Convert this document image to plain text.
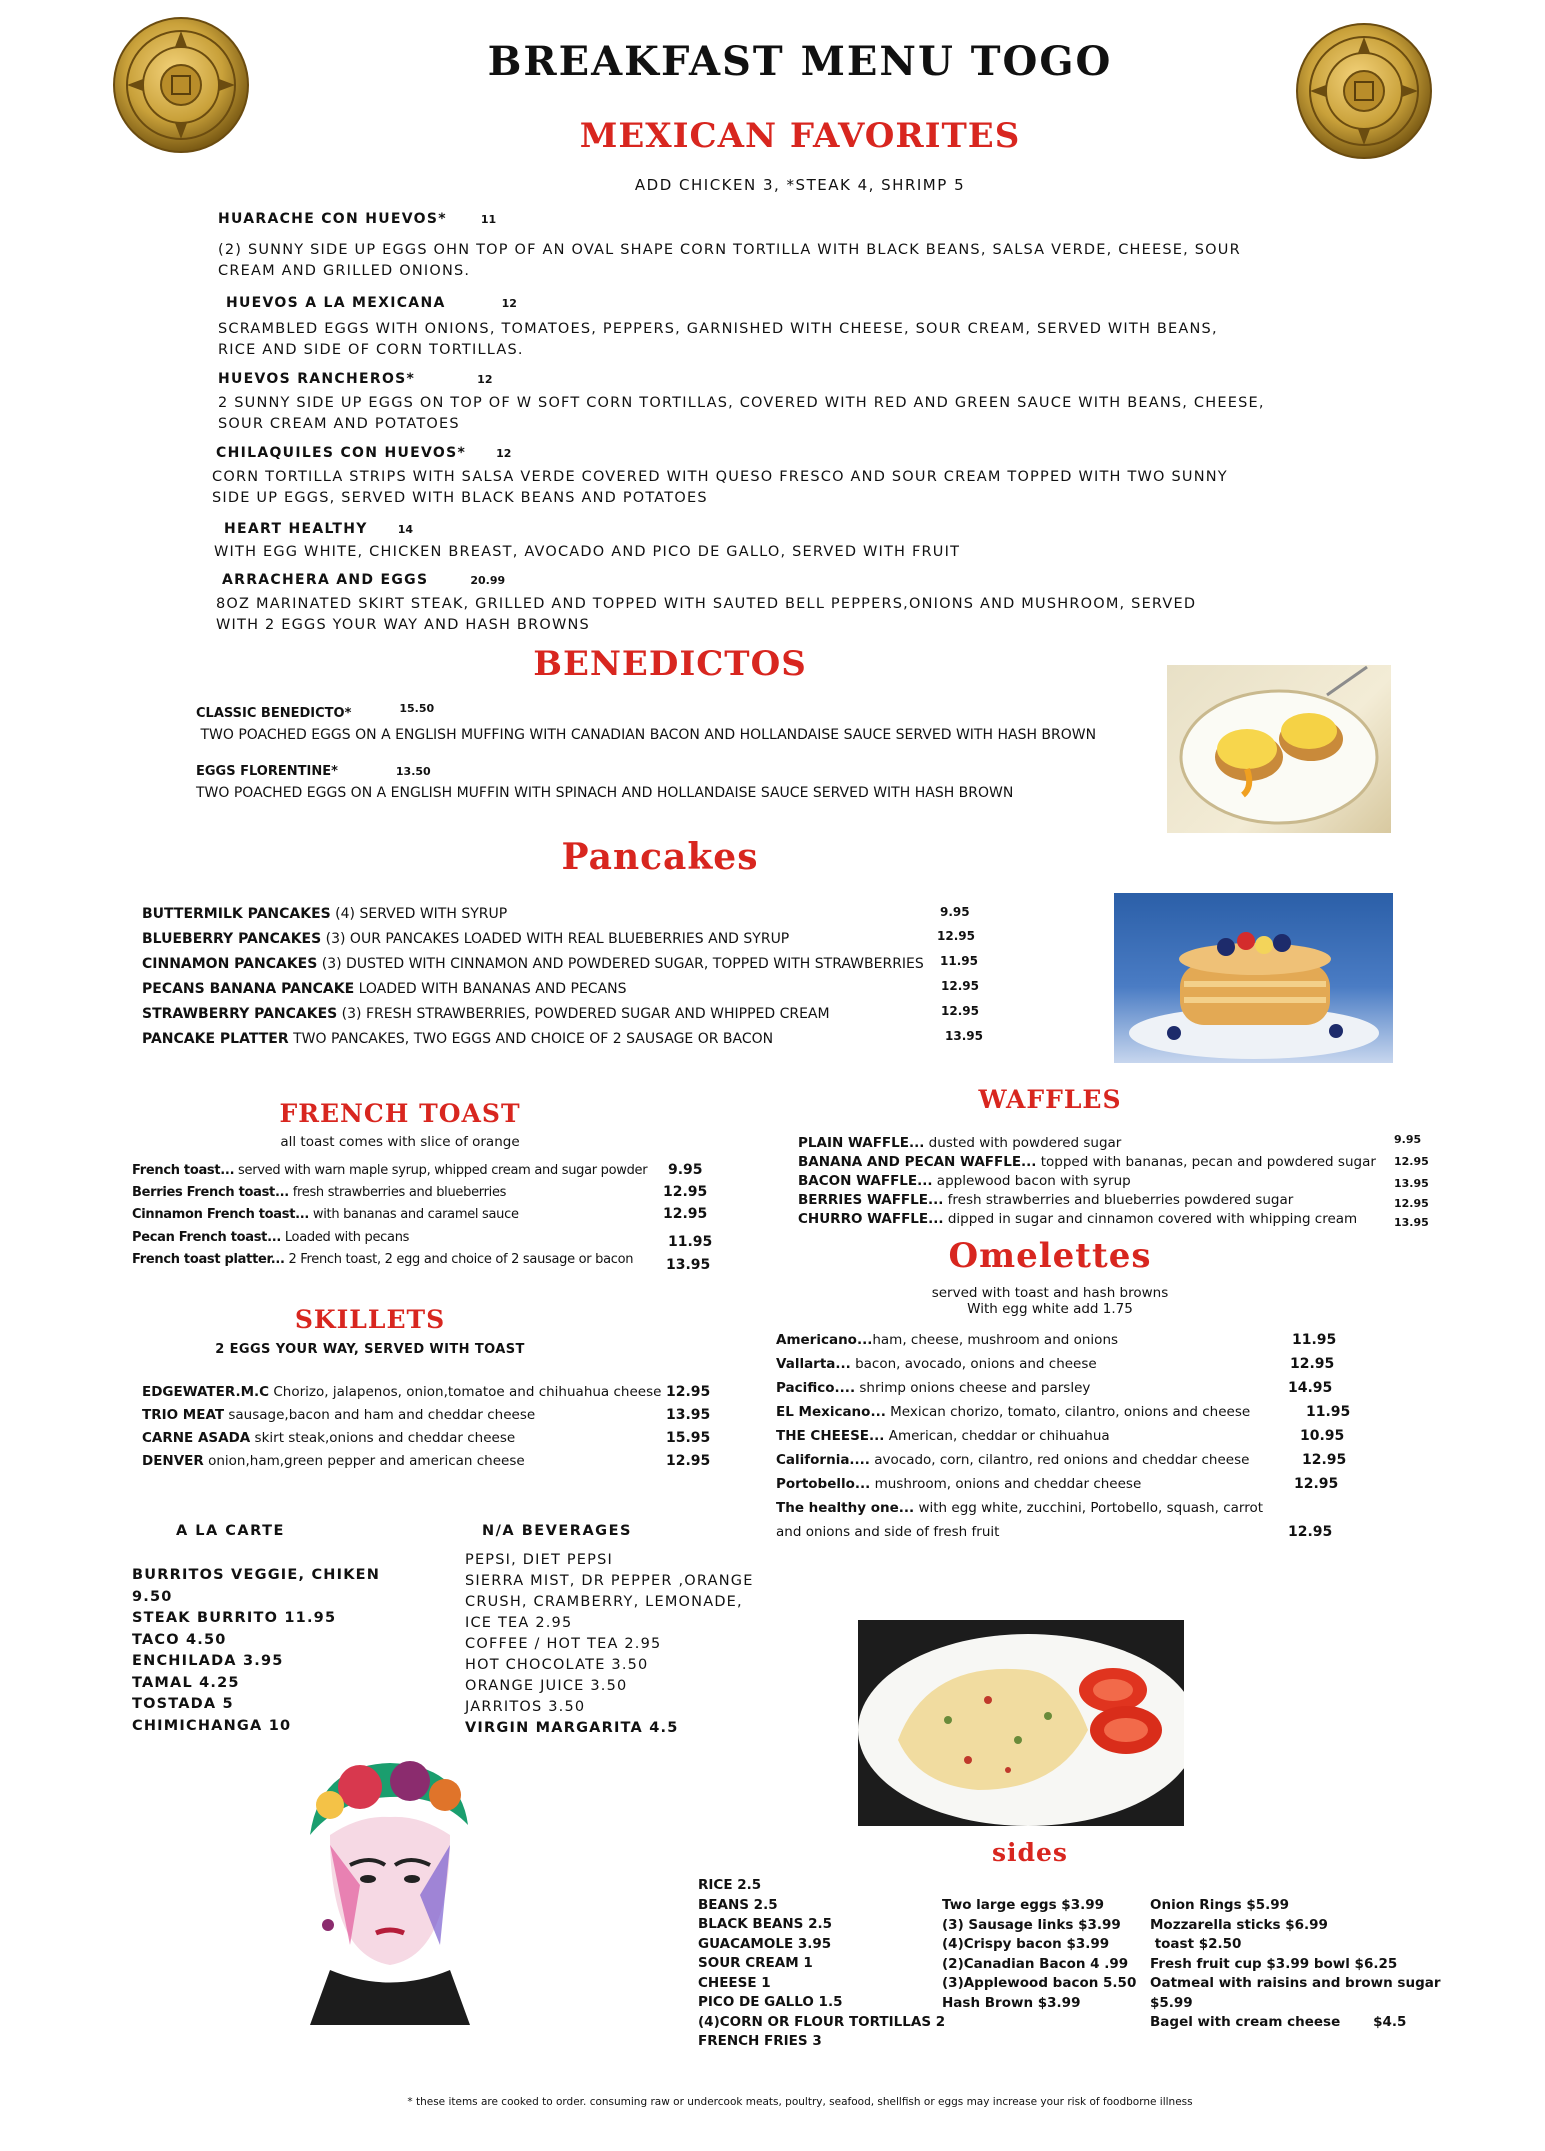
BREAKFAST MENU TOGO
MEXICAN FAVORITES
ADD CHICKEN 3, *STEAK 4, SHRIMP 5
HUARACHE CON HUEVOS*	11
(2) SUNNY SIDE UP EGGS OHN TOP OF AN OVAL SHAPE CORN TORTILLA WITH BLACK BEANS, SALSA VERDE, CHEESE, SOUR CREAM AND GRILLED ONIONS.
HUEVOS A LA MEXICANA	12
SCRAMBLED EGGS WITH ONIONS, TOMATOES, PEPPERS, GARNISHED WITH CHEESE, SOUR CREAM, SERVED WITH BEANS, RICE AND SIDE OF CORN TORTILLAS.
HUEVOS RANCHEROS*	12
2 SUNNY SIDE UP EGGS ON TOP OF W SOFT CORN TORTILLAS, COVERED WITH RED AND GREEN SAUCE WITH BEANS, CHEESE, SOUR CREAM AND POTATOES
CHILAQUILES CON HUEVOS*	12
CORN TORTILLA STRIPS WITH SALSA VERDE COVERED WITH QUESO FRESCO AND SOUR CREAM TOPPED WITH TWO SUNNY SIDE UP EGGS, SERVED WITH BLACK BEANS AND POTATOES
HEART HEALTHY	14
WITH EGG WHITE, CHICKEN BREAST, AVOCADO AND PICO DE GALLO, SERVED WITH FRUIT
ARRACHERA AND EGGS	20.99
8OZ MARINATED SKIRT STEAK, GRILLED AND TOPPED WITH SAUTED BELL PEPPERS,ONIONS AND MUSHROOM, SERVED WITH 2 EGGS YOUR WAY AND HASH BROWNS
BENEDICTOS
CLASSIC BENEDICTO*	$^{15.50}$
TWO POACHED EGGS ON A ENGLISH MUFFING WITH CANADIAN BACON AND HOLLANDAISE SAUCE SERVED WITH HASH BROWN
EGGS FLORENTINE*	13.50
TWO POACHED EGGS ON A ENGLISH MUFFIN WITH SPINACH AND HOLLANDAISE SAUCE SERVED WITH HASH BROWN
Pancakes
BUTTERMILK PANCAKES (4) SERVED WITH SYRUP	9.95
BLUEBERRY PANCAKES (3) OUR PANCAKES LOADED WITH REAL BLUEBERRIES AND SYRUP	12.95
CINNAMON PANCAKES (3) DUSTED WITH CINNAMON AND POWDERED SUGAR, TOPPED WITH STRAWBERRIES 11.95
PECANS BANANA PANCAKE LOADED WITH BANANAS AND PECANS	12.95
STRAWBERRY PANCAKES (3) FRESH STRAWBERRIES, POWDERED SUGAR AND WHIPPED CREAM	12.95
PANCAKE PLATTER TWO PANCAKES, TWO EGGS AND CHOICE OF 2 SAUSAGE OR BACON	13.95
FRENCH TOAST
all toast comes with slice of orange
French toast... served with warn maple syrup, whipped cream and sugar powder 9.95
Berries French toast... fresh strawberries and blueberries	12.95
Cinnamon French toast... with bananas and caramel sauce	12.95
Pecan French toast... Loaded with pecans	11.95
French toast platter... 2 French toast, 2 egg and choice of 2 sausage or bacon 13.95
WAFFLES
PLAIN WAFFLE... dusted with powdered sugar	9.95
BANANA AND PECAN WAFFLE... topped with bananas, pecan and powdered sugar 12.95
BACON WAFFLE... applewood bacon with syrup	13.95
BERRIES WAFFLE... fresh strawberries and blueberries powdered sugar	12.95
CHURRO WAFFLE... dipped in sugar and cinnamon covered with whipping cream	13.95
SKILLETS
2 EGGS YOUR WAY, SERVED WITH TOAST
EDGEWATER.M.C Chorizo, jalapenos, onion,tomatoe and chihuahua cheese 12.95
TRIO MEAT sausage,bacon and ham and cheddar cheese	13.95
CARNE ASADA skirt steak,onions and cheddar cheese	15.95
DENVER onion,ham,green pepper and american cheese	12.95
Omelettes
served with toast and hash browns
With egg white add 1.75
Americano...ham, cheese, mushroom and onions	11.95
Vallarta... bacon, avocado, onions and cheese	12.95
Pacifico.... shrimp onions cheese and parsley	14.95
EL Mexicano... Mexican chorizo, tomato, cilantro, onions and cheese	11.95
THE CHEESE... American, cheddar or chihuahua	10.95
California.... avocado, corn, cilantro, red onions and cheddar cheese	12.95
Portobello... mushroom, onions and cheddar cheese	12.95
The healthy one... with egg white, zucchini, Portobello, squash, carrot
and onions and side of fresh fruit	12.95
A LA CARTE
BURRITOS VEGGIE, CHIKEN
9.50
STEAK BURRITO 11.95
TACO 4.50
ENCHILADA 3.95
TAMAL 4.25
TOSTADA 5
CHIMICHANGA 10
N/A BEVERAGES
PEPSI, DIET PEPSI
SIERRA MIST, DR PEPPER ,ORANGE
CRUSH, CRAMBERRY, LEMONADE,
ICE TEA 2.95
COFFEE / HOT TEA 2.95
HOT CHOCOLATE 3.50
ORANGE JUICE 3.50
JARRITOS 3.50
VIRGIN MARGARITA 4.5
sides
RICE 2.5
BEANS 2.5
BLACK BEANS 2.5
GUACAMOLE 3.95
SOUR CREAM 1
CHEESE 1
PICO DE GALLO 1.5
(4)CORN OR FLOUR TORTILLAS 2
FRENCH FRIES 3
Two large eggs $3.99
(3) Sausage links $3.99
(4)Crispy bacon $3.99
(2)Canadian Bacon 4 .99
(3)Applewood bacon 5.50
Hash Brown $3.99
Onion Rings $5.99
Mozzarella sticks $6.99
toast $2.50
Fresh fruit cup $3.99 bowl $6.25
Oatmeal with raisins and brown sugar
$5.99
Bagel with cream cheese       $4.5
* these items are cooked to order. consuming raw or undercook meats, poultry, seafood, shellfish or eggs may increase your risk of foodborne illness
